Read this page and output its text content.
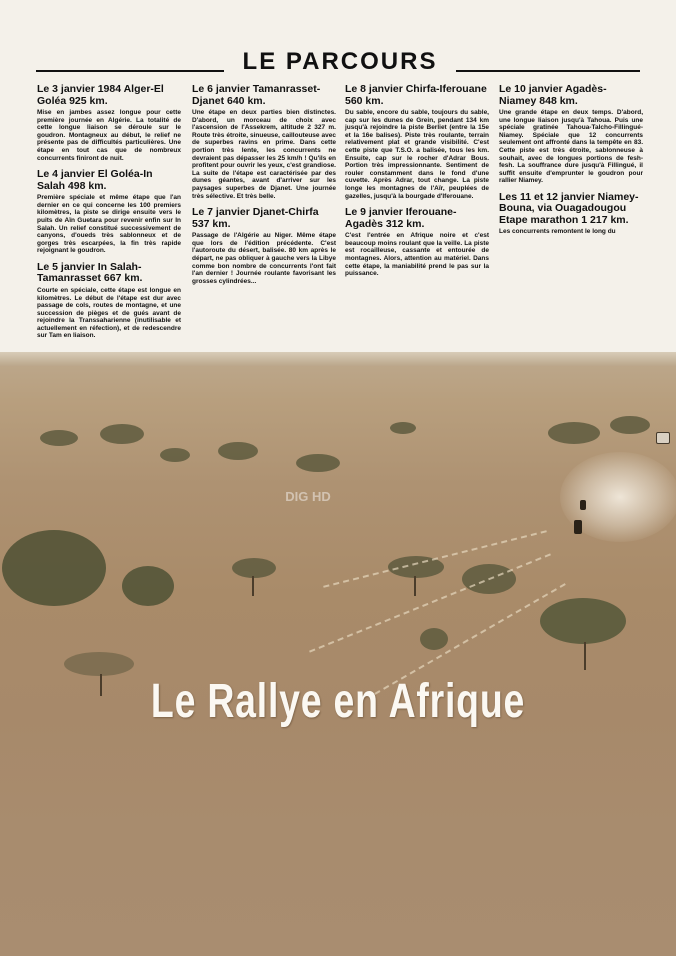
LE PARCOURS
Le 3 janvier 1984 Alger-El Goléa 925 km.

Mise en jambes assez longue pour cette première journée en Algérie. La totalité de cette longue liaison se déroule sur le goudron. Montagneux au début, le relief ne présente pas de difficultés particulières. Une étape en tout cas que de nombreux concurrents finiront de nuit.

Le 4 janvier El Goléa-In Salah 498 km.

Première spéciale et même étape que l'an dernier en ce qui concerne les 100 premiers kilomètres, la piste se dirige ensuite vers le puits de Aïn Guetara pour revenir enfin sur In Salah. Un relief constitué successivement de canyons, d'oueds très sablonneux et de gorges très escarpées, la fin très rapide rejoignant le goudron.

Le 5 janvier In Salah-Tamanrasset 667 km.

Courte en spéciale, cette étape est longue en kilomètres. Le début de l'étape est dur avec passage de cols, routes de montagne, et une succession de pièges et de gués avant de rejoindre la Transsaharienne (inutilisable et actuellement en réfection), et de redescendre sur Tam en liaison.

Le 6 janvier Tamanrasset-Djanet 640 km.

Une étape en deux parties bien distinctes. D'abord, un morceau de choix avec l'ascension de l'Assekrem, altitude 2 327 m. Route très étroite, sinueuse, caillouteuse avec de superbes ravins en prime. Dans cette portion très lente, les concurrents ne devraient pas dépasser les 25 km/h ! Qu'ils en profitent pour ouvrir les yeux, c'est grandiose. La suite de l'étape est caractérisée par des dunes géantes, avant d'arriver sur les paysages superbes de Djanet. Une journée très sélective. Et très belle.

Le 7 janvier Djanet-Chirfa 537 km.

Passage de l'Algérie au Niger. Même étape que lors de l'édition précédente. C'est l'autoroute du désert, balisée. 80 km après le départ, ne pas obliquer à gauche vers la Libye comme bon nombre de concurrents l'ont fait l'an dernier ! Journée roulante favorisant les grosses cylindrées...

Le 8 janvier Chirfa-Iferouane 560 km.

Du sable, encore du sable, toujours du sable, cap sur les dunes de Grein, pendant 134 km jusqu'à rejoindre la piste Berliet (entre la 15e et la 16e balises). Piste très roulante, terrain relativement plat et grande visibilité. C'est cette piste que T.S.O. a balisée, tous les km. Ensuite, cap sur le rocher d'Adrar Bous. Portion très impressionnante. Sentiment de rouler constamment dans le fond d'une cuvette. Après Adrar, tout change. La piste longe les montagnes de l'Aïr, peuplées de gazelles, jusqu'à la bourgade d'Iferouane.

Le 9 janvier Iferouane-Agadès 312 km.

C'est l'entrée en Afrique noire et c'est beaucoup moins roulant que la veille. La piste est rocailleuse, cassante et entourée de montagnes. Alors, attention au matériel. Dans cette étape, la maniabilité prend le pas sur la puissance.

Le 10 janvier Agadès-Niamey 848 km.

Une grande étape en deux temps. D'abord, une longue liaison jusqu'à Tahoua. Puis une spéciale gratinée Tahoua-Talcho-Fillingué-Niamey. Spéciale que 12 concurrents seulement ont affronté dans la tempête en 83. Cette piste est très étroite, sablonneuse à souhait, avec de longues portions de fesh-fesh. La souffrance dure jusqu'à Fillingué, il suffit ensuite d'emprunter le goudron pour rallier Niamey.

Les 11 et 12 janvier Niamey-Bouna, via Ouagadougou Etape marathon 1 217 km.

Les concurrents remontent le long du

DIG HD
Le Rallye en Afrique
